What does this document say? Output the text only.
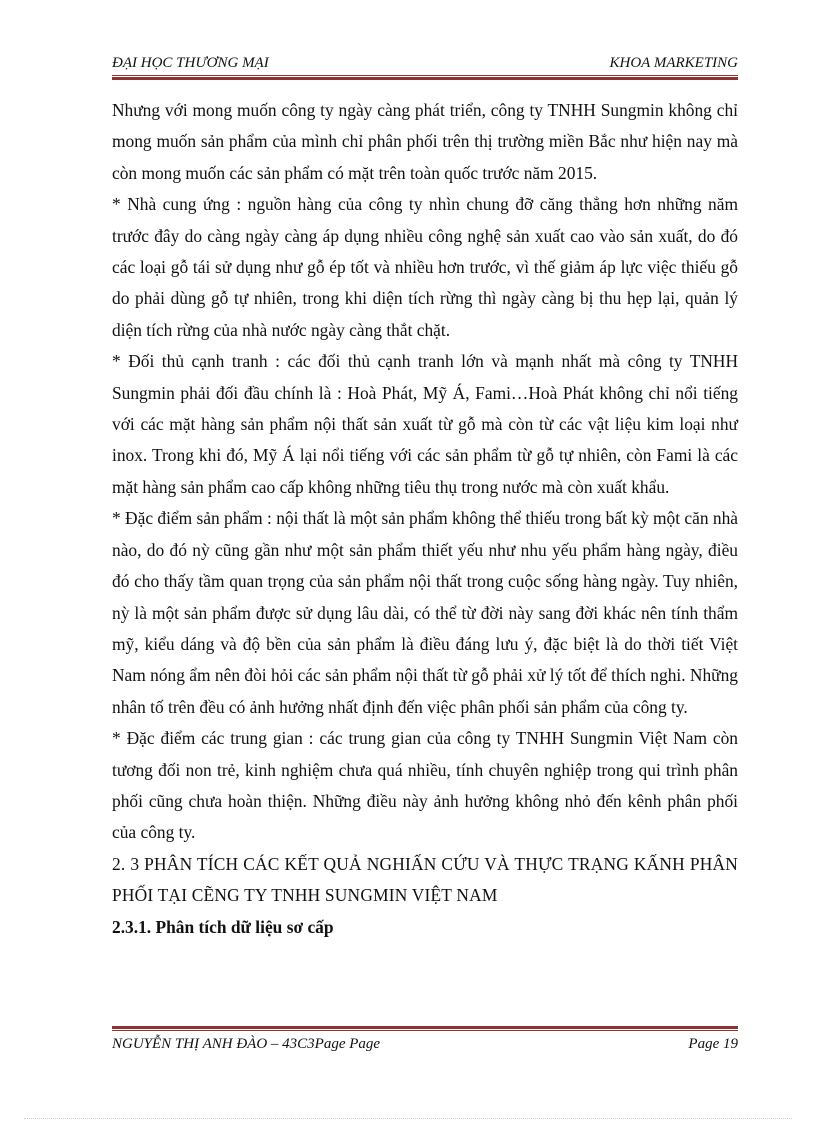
ĐẠI HỌC THƯƠNG MẠI	KHOA MARKETING

Nhưng với mong muốn công ty ngày càng phát triển, công ty TNHH Sungmin không chỉ mong muốn sản phẩm của mình chỉ phân phối trên thị trường miền Bắc như hiện nay mà còn mong muốn các sản phẩm có mặt trên toàn quốc trước năm 2015.

* Nhà cung ứng : nguồn hàng của công ty nhìn chung đỡ căng thẳng hơn những năm trước đây do càng ngày càng áp dụng nhiều công nghệ sản xuất cao vào sản xuất, do đó các loại gỗ tái sử dụng như gỗ ép tốt và nhiều hơn trước, vì thế giảm áp lực việc thiếu gỗ do phải dùng gỗ tự nhiên, trong khi diện tích rừng thì ngày càng bị thu hẹp lại, quản lý diện tích rừng của nhà nước ngày càng thắt chặt.

* Đối thủ cạnh tranh : các đối thủ cạnh tranh lớn và mạnh nhất mà công ty TNHH Sungmin phải đối đầu chính là : Hoà Phát, Mỹ Á, Fami…Hoà Phát không chỉ nổi tiếng với các mặt hàng sản phẩm nội thất sản xuất từ gỗ mà còn từ các vật liệu kim loại như inox. Trong khi đó, Mỹ Á lại nổi tiếng với các sản phẩm từ gỗ tự nhiên, còn Fami là các mặt hàng sản phẩm cao cấp không những tiêu thụ trong nước mà còn xuất khẩu.

* Đặc điểm sản phẩm : nội thất là một sản phẩm không thể thiếu trong bất kỳ một căn nhà nào, do đó nỳ cũng gần như một sản phẩm thiết yếu như nhu yếu phẩm hàng ngày, điều đó cho thấy tầm quan trọng của sản phẩm nội thất trong cuộc sống hàng ngày. Tuy nhiên, nỳ là một sản phẩm được sử dụng lâu dài, có thể từ đời này sang đời khác nên tính thẩm mỹ, kiểu dáng và độ bền của sản phẩm là điều đáng lưu ý, đặc biệt là do thời tiết Việt Nam nóng ẩm nên đòi hỏi các sản phẩm nội thất từ gỗ phải xử lý tốt để thích nghi. Những nhân tố trên đều có ảnh hưởng nhất định đến việc phân phối sản phẩm của công ty.

* Đặc điểm các trung gian : các trung gian của công ty TNHH Sungmin Việt Nam còn tương đối non trẻ, kinh nghiệm chưa quá nhiều, tính chuyên nghiệp trong qui trình phân phối cũng chưa hoàn thiện. Những điều này ảnh hưởng không nhỏ đến kênh phân phối của công ty.

2. 3 PHÂN TÍCH CÁC KẾT QUẢ NGHIẤN CỨU VÀ THỰC TRẠNG KẤNH PHÂN PHỐI TẠI CẼNG TY TNHH SUNGMIN VIỆT NAM

2.3.1. Phân tích dữ liệu sơ cấp

NGUYỄN THỊ ANH ĐÀO – 43C3Page Page	Page 19
